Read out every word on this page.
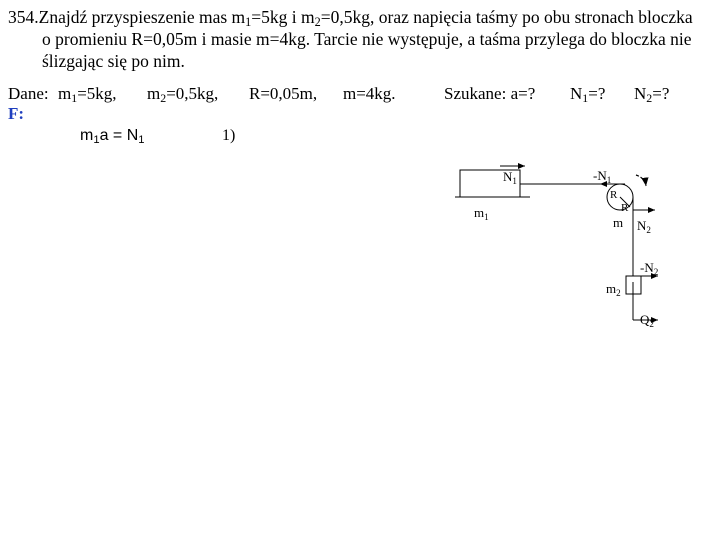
354.Znajdź przyspieszenie mas $m_1=5kg$ i $m_2=0,5kg$, oraz napięcia taśmy po obu stronach bloczka
o promieniu R=0,05m i masie m=4kg. Tarcie nie występuje, a taśma przylega do bloczka nie
ślizgając się po nim.
Dane: $m_1=5kg$, $m_2=0,5kg$, R=0,05m, m=4kg.	Szukane: a=? $N_1=$? $N_2=$?
F:
$m_1a = N_1$	1)
$N_1$
$m_1$
$-N_1$
R
R
m $N_2$
$-N_2$
$m_2$
$Q_2$
